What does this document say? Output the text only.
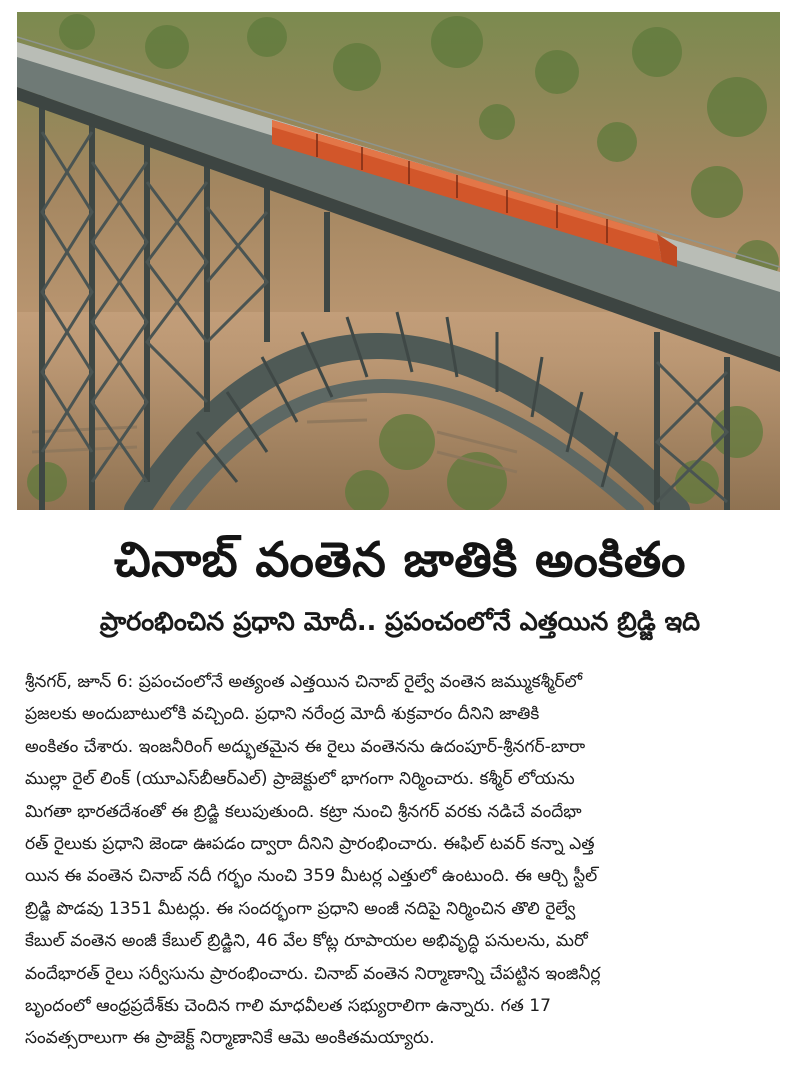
చినాబ్ వంతెన జాతికి అంకితం
ప్రారంభించిన ప్రధాని మోదీ.. ప్రపంచంలోనే ఎత్తయిన బ్రిడ్జి ఇది
శ్రీనగర్, జూన్ 6: ప్రపంచంలోనే అత్యంత ఎత్తయిన చినాబ్ రైల్వే వంతెన జమ్ముకశ్మీర్‌లో
ప్రజలకు అందుబాటులోకి వచ్చింది. ప్రధాని నరేంద్ర మోదీ శుక్రవారం దీనిని జాతికి
అంకితం చేశారు. ఇంజనీరింగ్ అద్భుతమైన ఈ రైలు వంతెనను ఉదంపూర్-శ్రీనగర్-బారా
ముల్లా రైల్ లింక్ (యూఎస్‌బీఆర్ఎల్) ప్రాజెక్టులో భాగంగా నిర్మించారు. కశ్మీర్ లోయను
మిగతా భారతదేశంతో ఈ బ్రిడ్జి కలుపుతుంది. కట్రా నుంచి శ్రీనగర్ వరకు నడిచే వందేభా
రత్ రైలుకు ప్రధాని జెండా ఊపడం ద్వారా దీనిని ప్రారంభించారు. ఈఫిల్ టవర్ కన్నా ఎత్త
యిన ఈ వంతెన చినాబ్ నదీ గర్భం నుంచి 359 మీటర్ల ఎత్తులో ఉంటుంది. ఈ ఆర్చి స్టీల్
బ్రిడ్జి పొడవు 1351 మీటర్లు. ఈ సందర్భంగా ప్రధాని అంజీ నదిపై నిర్మించిన తొలి రైల్వే
కేబుల్ వంతెన అంజీ కేబుల్ బ్రిడ్జిని, 46 వేల కోట్ల రూపాయల అభివృద్ధి పనులను, మరో
వందేభారత్ రైలు సర్వీసును ప్రారంభించారు. చినాబ్ వంతెన నిర్మాణాన్ని చేపట్టిన ఇంజినీర్ల
బృందంలో ఆంధ్రప్రదేశ్‌కు చెందిన గాలి మాధవీలత సభ్యురాలిగా ఉన్నారు. గత 17
సంవత్సరాలుగా ఈ ప్రాజెక్ట్ నిర్మాణానికే ఆమె అంకితమయ్యారు.
